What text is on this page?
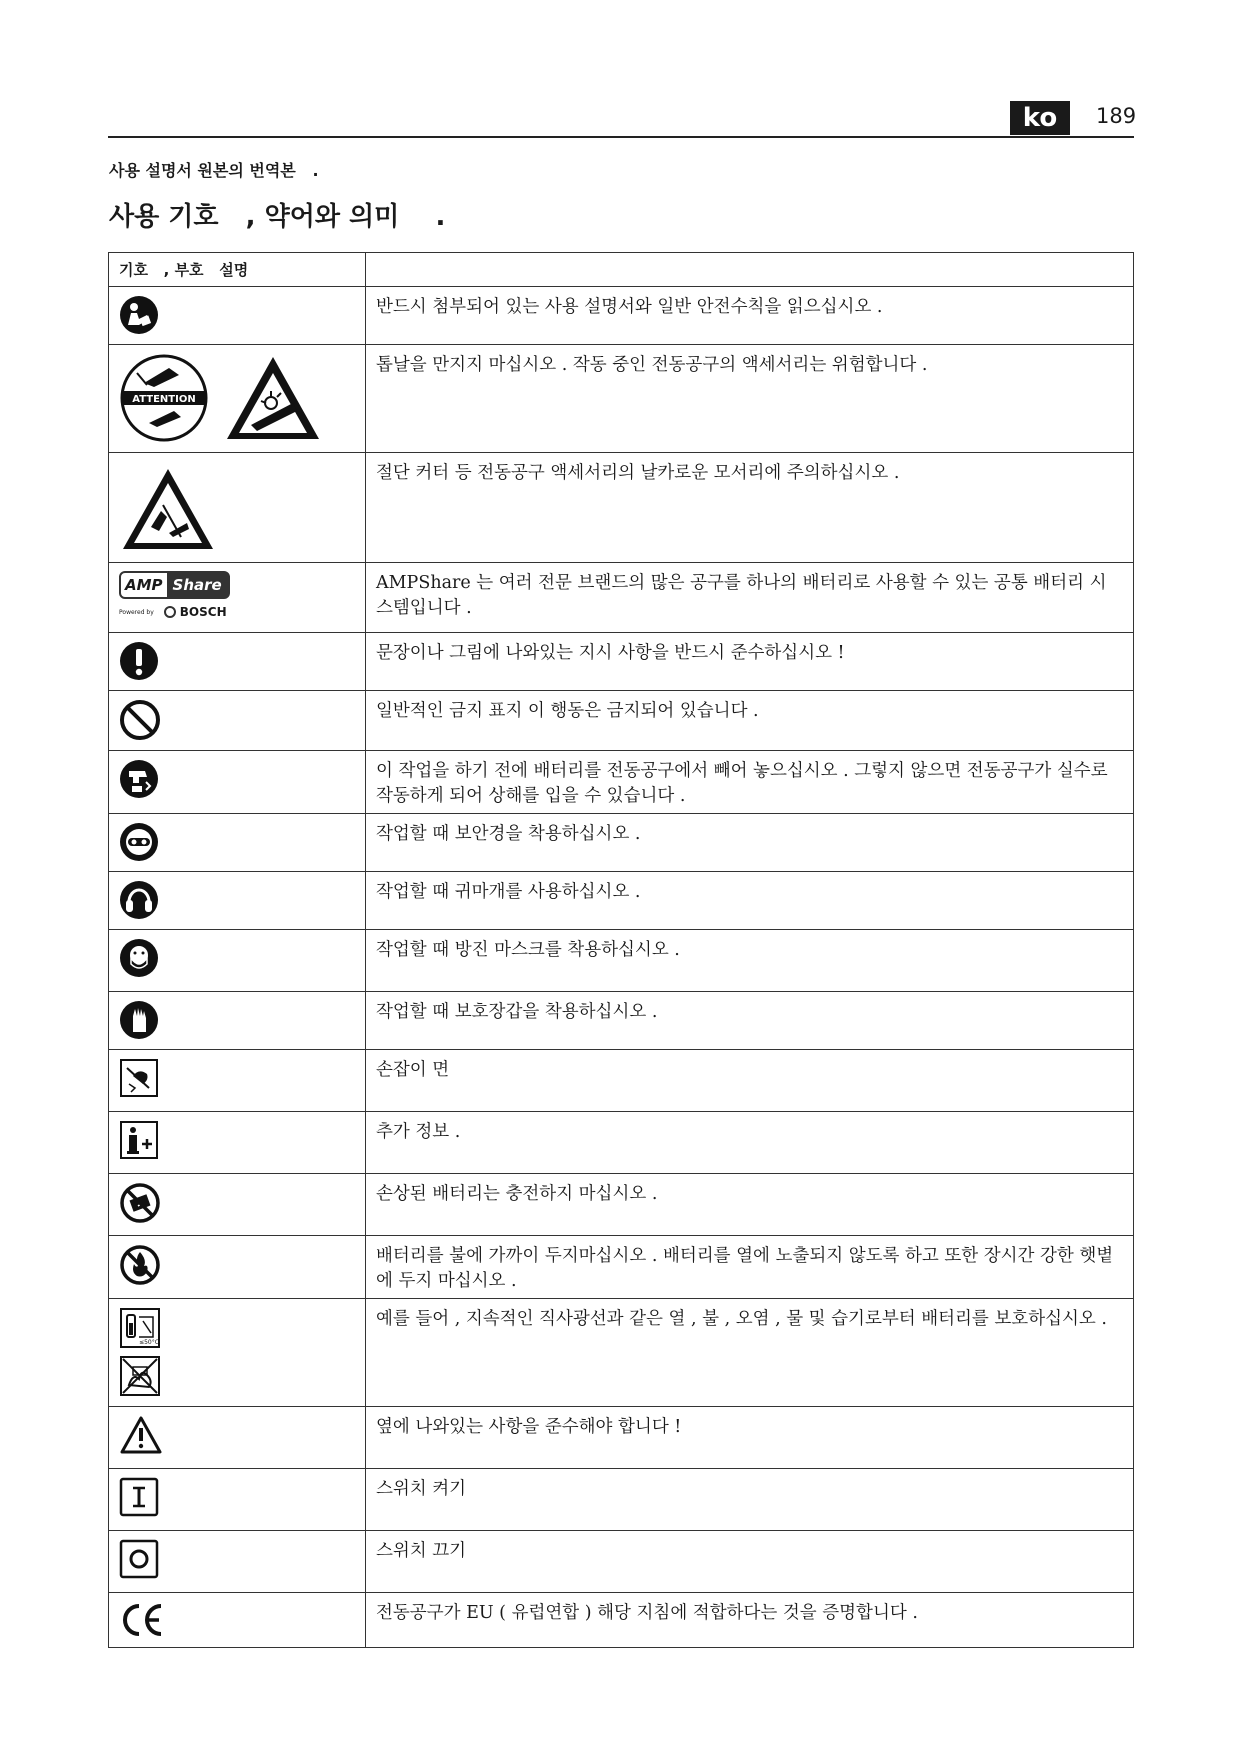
ko	189
사용 설명서 원본의 번역본   .
사용 기호   , 약어와 의미    .
기호   , 부호   설명	

	반드시 첨부되어 있는 사용 설명서와 일반 안전수칙을 읽으십시오 .

ATTENTION	톱날을 만지지 마십시오 . 작동 중인 전동공구의 액세서리는 위험합니다 .

	절단 커터 등 전동공구 액세서리의 날카로운 모서리에 주의하십시오 .

AMP Share
Powered by BOSCH	AMPShare 는 여러 전문 브랜드의 많은 공구를 하나의 배터리로 사용할 수 있는 공통 배터리 시스템입니다 .

	문장이나 그림에 나와있는 지시 사항을 반드시 준수하십시오 !

	일반적인 금지 표지 이 행동은 금지되어 있습니다 .

	이 작업을 하기 전에 배터리를 전동공구에서 빼어 놓으십시오 . 그렇지 않으면 전동공구가 실수로 작동하게 되어 상해를 입을 수 있습니다 .

	작업할 때 보안경을 착용하십시오 .

	작업할 때 귀마개를 사용하십시오 .

	작업할 때 방진 마스크를 착용하십시오 .

	작업할 때 보호장갑을 착용하십시오 .

	손잡이 면

	추가 정보 .

	손상된 배터리는 충전하지 마십시오 .

	배터리를 불에 가까이 두지마십시오 . 배터리를 열에 노출되지 않도록 하고 또한 장시간 강한 햇볕에 두지 마십시오 .

≤50°C	예를 들어 , 지속적인 직사광선과 같은 열 , 불 , 오염 , 물 및 습기로부터 배터리를 보호하십시오 .

	옆에 나와있는 사항을 준수해야 합니다 !

	스위치 켜기

	스위치 끄기

	전동공구가 EU ( 유럽연합 ) 해당 지침에 적합하다는 것을 증명합니다 .
